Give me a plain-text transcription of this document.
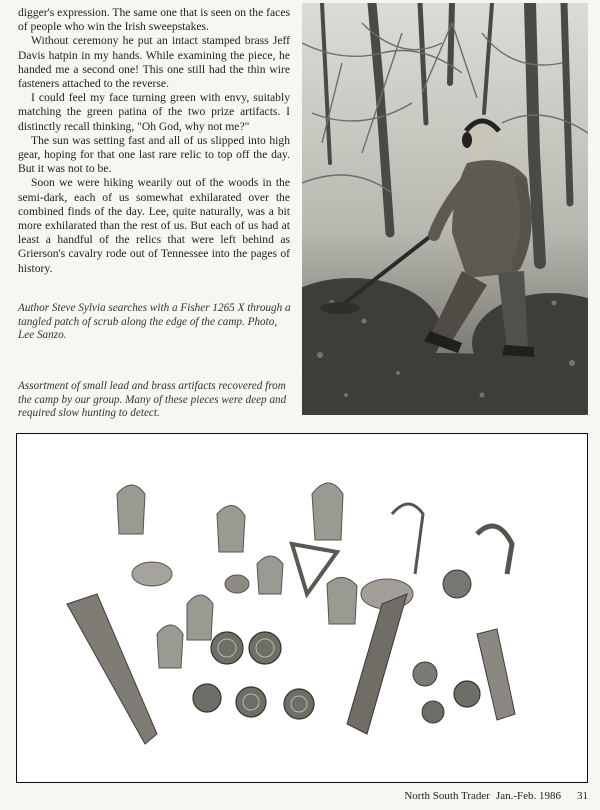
digger's expression. The same one that is seen on the faces of people who win the Irish sweepstakes.

Without ceremony he put an intact stamped brass Jeff Davis hatpin in my hands. While examining the piece, he handed me a second one! This one still had the thin wire fasteners attached to the reverse.

I could feel my face turning green with envy, suitably matching the green patina of the two prize artifacts. I distinctly recall thinking, "Oh God, why not me?"

The sun was setting fast and all of us slipped into high gear, hoping for that one last rare relic to top off the day. But it was not to be.

Soon we were hiking wearily out of the woods in the semi-dark, each of us somewhat exhilarated over the combined finds of the day. Lee, quite naturally, was a bit more exhilarated than the rest of us. But each of us had at least a handful of the relics that were left behind as Grierson's cavalry rode out of Tennessee into the pages of history.

Author Steve Sylvia searches with a Fisher 1265 X through a tangled patch of scrub along the edge of the camp. Photo, Lee Sanzo.
Assortment of small lead and brass artifacts recovered from the camp by our group. Many of these pieces were deep and required slow hunting to detect.
North South Trader Jan.-Feb. 1986 31
